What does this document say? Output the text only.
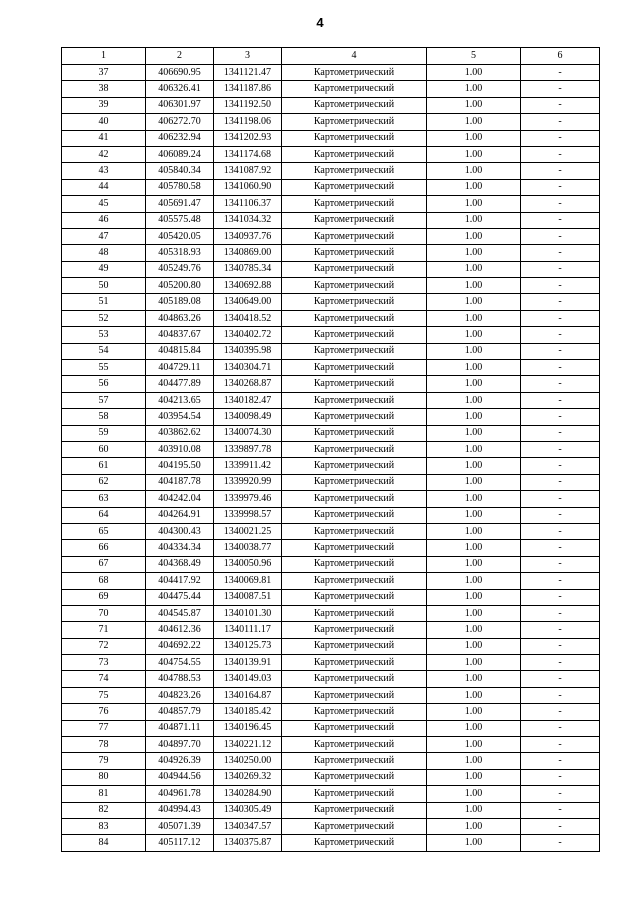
4
1	2	3	4	5	6
37	406690.95	1341121.47	Картометрический	1.00	-
38	406326.41	1341187.86	Картометрический	1.00	-
39	406301.97	1341192.50	Картометрический	1.00	-
40	406272.70	1341198.06	Картометрический	1.00	-
41	406232.94	1341202.93	Картометрический	1.00	-
42	406089.24	1341174.68	Картометрический	1.00	-
43	405840.34	1341087.92	Картометрический	1.00	-
44	405780.58	1341060.90	Картометрический	1.00	-
45	405691.47	1341106.37	Картометрический	1.00	-
46	405575.48	1341034.32	Картометрический	1.00	-
47	405420.05	1340937.76	Картометрический	1.00	-
48	405318.93	1340869.00	Картометрический	1.00	-
49	405249.76	1340785.34	Картометрический	1.00	-
50	405200.80	1340692.88	Картометрический	1.00	-
51	405189.08	1340649.00	Картометрический	1.00	-
52	404863.26	1340418.52	Картометрический	1.00	-
53	404837.67	1340402.72	Картометрический	1.00	-
54	404815.84	1340395.98	Картометрический	1.00	-
55	404729.11	1340304.71	Картометрический	1.00	-
56	404477.89	1340268.87	Картометрический	1.00	-
57	404213.65	1340182.47	Картометрический	1.00	-
58	403954.54	1340098.49	Картометрический	1.00	-
59	403862.62	1340074.30	Картометрический	1.00	-
60	403910.08	1339897.78	Картометрический	1.00	-
61	404195.50	1339911.42	Картометрический	1.00	-
62	404187.78	1339920.99	Картометрический	1.00	-
63	404242.04	1339979.46	Картометрический	1.00	-
64	404264.91	1339998.57	Картометрический	1.00	-
65	404300.43	1340021.25	Картометрический	1.00	-
66	404334.34	1340038.77	Картометрический	1.00	-
67	404368.49	1340050.96	Картометрический	1.00	-
68	404417.92	1340069.81	Картометрический	1.00	-
69	404475.44	1340087.51	Картометрический	1.00	-
70	404545.87	1340101.30	Картометрический	1.00	-
71	404612.36	1340111.17	Картометрический	1.00	-
72	404692.22	1340125.73	Картометрический	1.00	-
73	404754.55	1340139.91	Картометрический	1.00	-
74	404788.53	1340149.03	Картометрический	1.00	-
75	404823.26	1340164.87	Картометрический	1.00	-
76	404857.79	1340185.42	Картометрический	1.00	-
77	404871.11	1340196.45	Картометрический	1.00	-
78	404897.70	1340221.12	Картометрический	1.00	-
79	404926.39	1340250.00	Картометрический	1.00	-
80	404944.56	1340269.32	Картометрический	1.00	-
81	404961.78	1340284.90	Картометрический	1.00	-
82	404994.43	1340305.49	Картометрический	1.00	-
83	405071.39	1340347.57	Картометрический	1.00	-
84	405117.12	1340375.87	Картометрический	1.00	-
